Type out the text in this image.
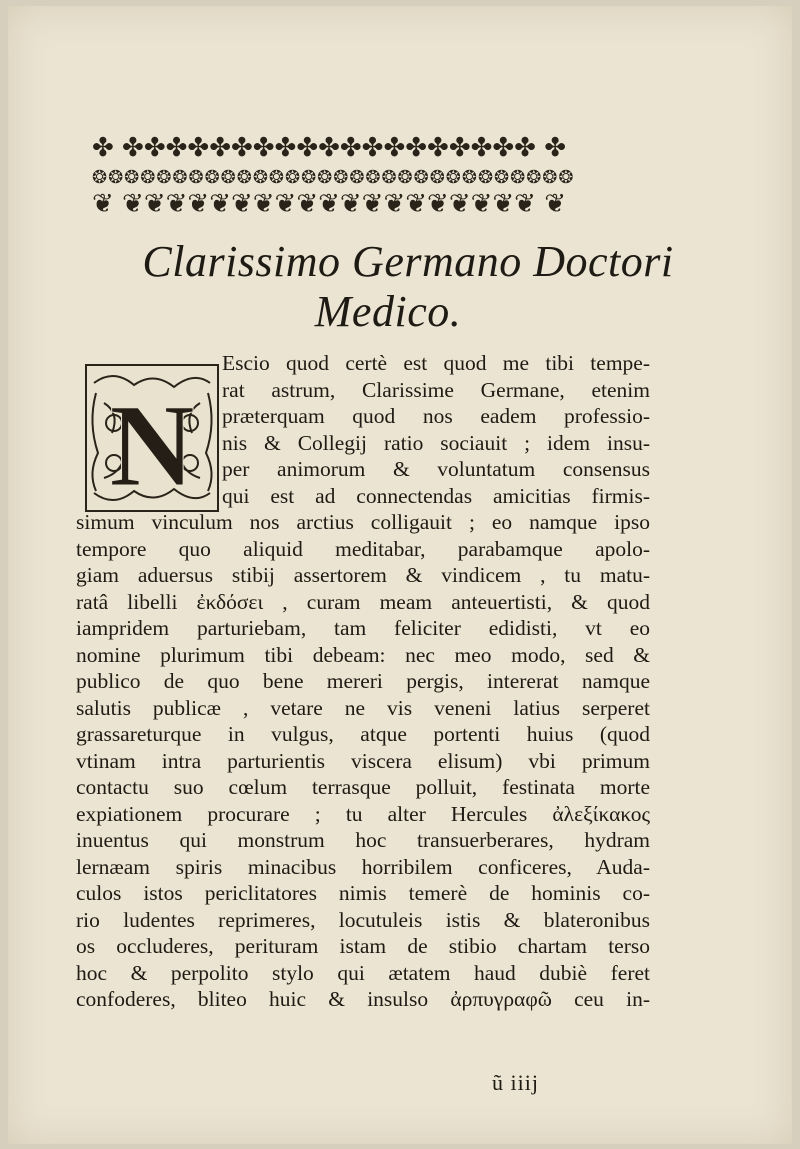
✤ ✤✤✤✤✤✤✤✤✤✤✤✤✤✤✤✤✤✤✤ ✤
❂❂❂❂❂❂❂❂❂❂❂❂❂❂❂❂❂❂❂❂❂❂❂❂❂❂❂❂❂❂
❦ ❦❦❦❦❦❦❦❦❦❦❦❦❦❦❦❦❦❦❦ ❦
Clarissimo Germano Doctori
Medico.
N
Escio quod certè est quod me tibi tempe-
rat astrum, Clarissime Germane, etenim
præterquam quod nos eadem professio-
nis & Collegij ratio sociauit ; idem insu-
per animorum & voluntatum consensus
qui est ad connectendas amicitias firmis-
simum vinculum nos arctius colligauit ; eo namque ipso
tempore quo aliquid meditabar, parabamque apolo-
giam aduersus stibij assertorem & vindicem , tu matu-
ratâ libelli ἐκδόσει , curam meam anteuertisti, & quod
iampridem parturiebam, tam feliciter edidisti, vt eo
nomine plurimum tibi debeam: nec meo modo, sed &
publico de quo bene mereri pergis, intererat namque
salutis publicæ , vetare ne vis veneni latius serperet
grassareturque in vulgus, atque portenti huius (quod
vtinam intra parturientis viscera elisum) vbi primum
contactu suo cœlum terrasque polluit, festinata morte
expiationem procurare ; tu alter Hercules ἀλεξίκακος
inuentus qui monstrum hoc transuerberares, hydram
lernæam spiris minacibus horribilem conficeres, Auda-
culos istos periclitatores nimis temerè de hominis co-
rio ludentes reprimeres, locutuleis istis & blateronibus
os occluderes, perituram istam de stibio chartam terso
hoc & perpolito stylo qui ætatem haud dubiè feret
confoderes, bliteo huic & insulso ἀρπυγραφῶ ceu in-
ũ iiij
